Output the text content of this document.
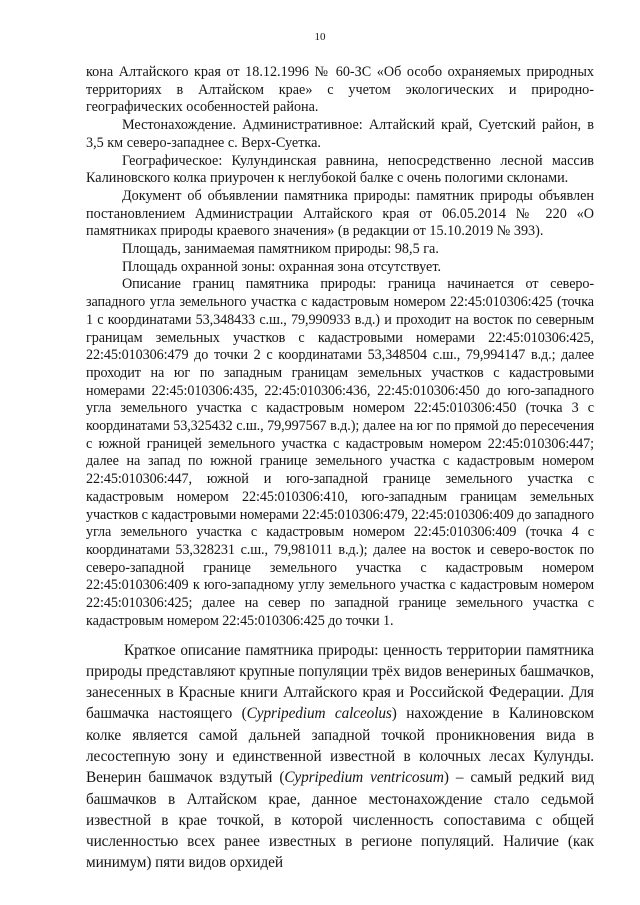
10

кона Алтайского края от 18.12.1996 № 60-ЗС «Об особо охраняемых природных территориях в Алтайском крае» с учетом экологических и природно-географических особенностей района.

Местонахождение. Административное: Алтайский край, Суетский район, в 3,5 км северо-западнее с. Верх-Суетка.

Географическое: Кулундинская равнина, непосредственно лесной массив Калиновского колка приурочен к неглубокой балке с очень пологими склонами.

Документ об объявлении памятника природы: памятник природы объявлен постановлением Администрации Алтайского края от 06.05.2014 № 220 «О памятниках природы краевого значения» (в редакции от 15.10.2019 № 393).

Площадь, занимаемая памятником природы: 98,5 га.

Площадь охранной зоны: охранная зона отсутствует.

Описание границ памятника природы: граница начинается от северо-западного угла земельного участка с кадастровым номером 22:45:010306:425 (точка 1 с координатами 53,348433 с.ш., 79,990933 в.д.) и проходит на восток по северным границам земельных участков с кадастровыми номерами 22:45:010306:425, 22:45:010306:479 до точки 2 с координатами 53,348504 с.ш., 79,994147 в.д.; далее проходит на юг по западным границам земельных участков с кадастровыми номерами 22:45:010306:435, 22:45:010306:436, 22:45:010306:450 до юго-западного угла земельного участка с кадастровым номером 22:45:010306:450 (точка 3 с координатами 53,325432 с.ш., 79,997567 в.д.); далее на юг по прямой до пересечения с южной границей земельного участка с кадастровым номером 22:45:010306:447; далее на запад по южной границе земельного участка с кадастровым номером 22:45:010306:447, южной и юго-западной границе земельного участка с кадастровым номером 22:45:010306:410, юго-западным границам земельных участков с кадастровыми номерами 22:45:010306:479, 22:45:010306:409 до западного угла земельного участка с кадастровым номером 22:45:010306:409 (точка 4 с координатами 53,328231 с.ш., 79,981011 в.д.); далее на восток и северо-восток по северо-западной границе земельного участка с кадастровым номером 22:45:010306:409 к юго-западному углу земельного участка с кадастровым номером 22:45:010306:425; далее на север по западной границе земельного участка с кадастровым номером 22:45:010306:425 до точки 1.

Краткое описание памятника природы: ценность территории памятника природы представляют крупные популяции трёх видов венериных башмачков, занесенных в Красные книги Алтайского края и Российской Федерации. Для башмачка настоящего (Cypripedium calceolus) нахождение в Калиновском колке является самой дальней западной точкой проникновения вида в лесостепную зону и единственной известной в колочных лесах Кулунды. Венерин башмачок вздутый (Cypripedium ventricosum) – самый редкий вид башмачков в Алтайском крае, данное местонахождение стало седьмой известной в крае точкой, в которой численность сопоставима с общей численностью всех ранее известных в регионе популяций. Наличие (как минимум) пяти видов орхидей
